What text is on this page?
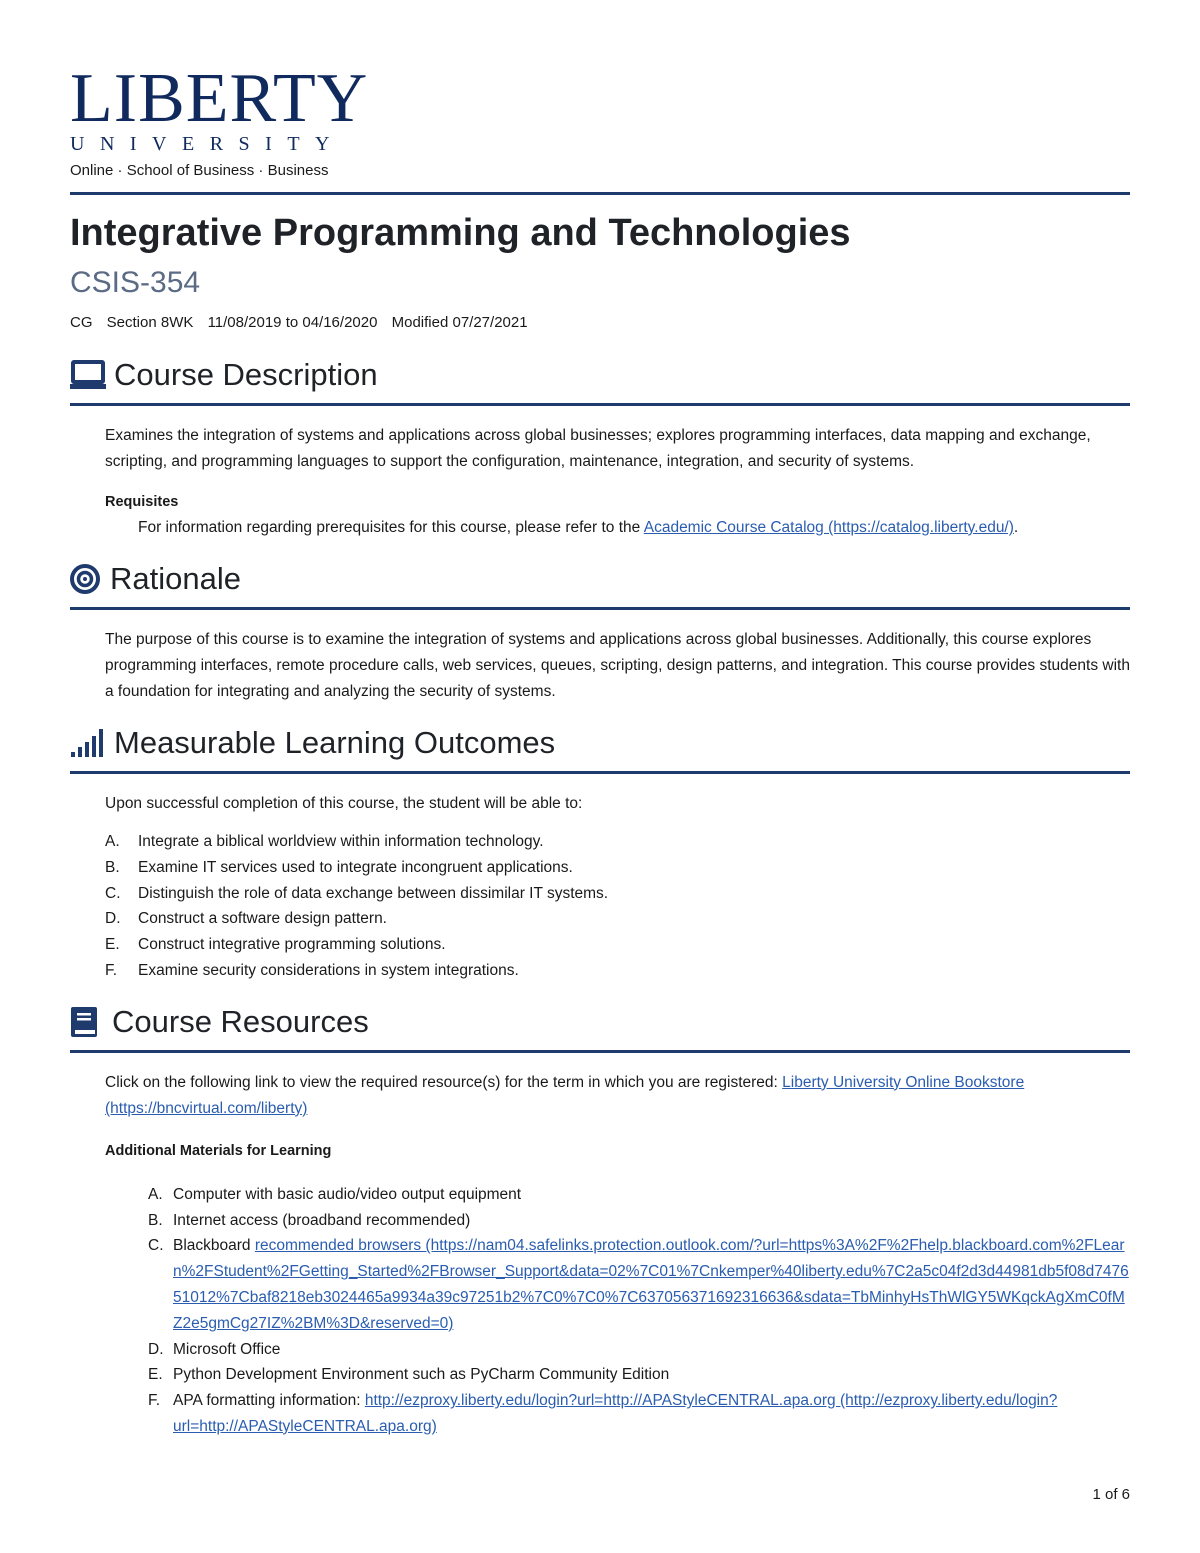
LIBERTY
UNIVERSITY
Online · School of Business · Business
Integrative Programming and Technologies
CSIS-354
CG Section 8WK 11/08/2019 to 04/16/2020 Modified 07/27/2021
Course Description
Examines the integration of systems and applications across global businesses; explores programming interfaces, data mapping and exchange, scripting, and programming languages to support the configuration, maintenance, integration, and security of systems.
Requisites
For information regarding prerequisites for this course, please refer to the Academic Course Catalog (https://catalog.liberty.edu/).
Rationale
The purpose of this course is to examine the integration of systems and applications across global businesses. Additionally, this course explores programming interfaces, remote procedure calls, web services, queues, scripting, design patterns, and integration. This course provides students with a foundation for integrating and analyzing the security of systems.
Measurable Learning Outcomes
Upon successful completion of this course, the student will be able to:
A.	Integrate a biblical worldview within information technology.
B.	Examine IT services used to integrate incongruent applications.
C.	Distinguish the role of data exchange between dissimilar IT systems.
D.	Construct a software design pattern.
E.	Construct integrative programming solutions.
F.	Examine security considerations in system integrations.
Course Resources
Click on the following link to view the required resource(s) for the term in which you are registered: Liberty University Online Bookstore (https://bncvirtual.com/liberty)
Additional Materials for Learning
A. Computer with basic audio/video output equipment
B. Internet access (broadband recommended)
C. Blackboard recommended browsers (https://nam04.safelinks.protection.outlook.com/?url=https%3A%2F%2Fhelp.blackboard.com%2FLearn%2FStudent%2FGetting_Started%2FBrowser_Support&data=02%7C01%7Cnkemper%40liberty.edu%7C2a5c04f2d3d44981db5f08d747651012%7Cbaf8218eb3024465a9934a39c97251b2%7C0%7C0%7C637056371692316636&sdata=TbMinhyHsThWlGY5WKqckAgXmC0fMZ2e5gmCg27IZ%2BM%3D&reserved=0)
D. Microsoft Office
E. Python Development Environment such as PyCharm Community Edition
F. APA formatting information: http://ezproxy.liberty.edu/login?url=http://APAStyleCENTRAL.apa.org (http://ezproxy.liberty.edu/login?url=http://APAStyleCENTRAL.apa.org)
1 of 6
